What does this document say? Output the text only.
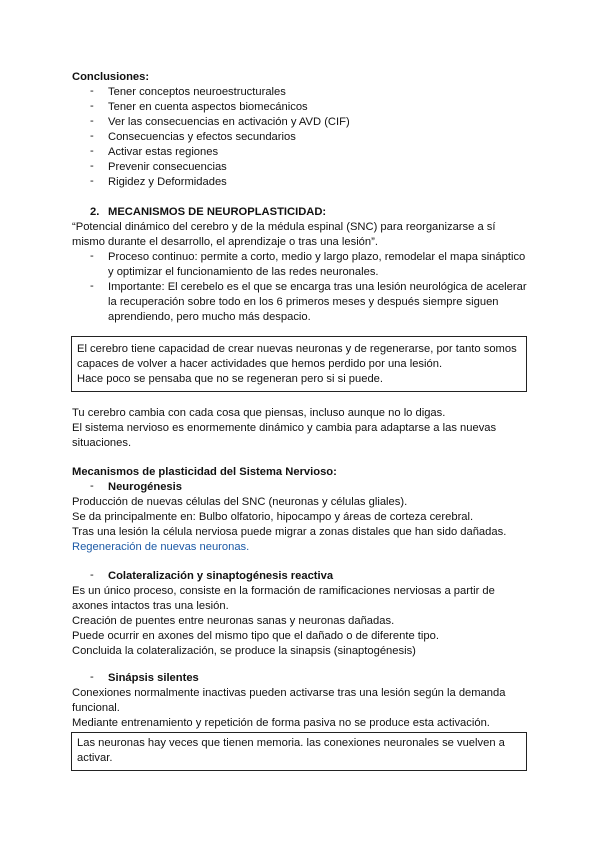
Conclusiones:
- Tener conceptos neuroestructurales
- Tener en cuenta aspectos biomecánicos
- Ver las consecuencias en activación y AVD (CIF)
- Consecuencias y efectos secundarios
- Activar estas regiones
- Prevenir consecuencias
- Rigidez y Deformidades
2. MECANISMOS DE NEUROPLASTICIDAD:
“Potencial dinámico del cerebro y de la médula espinal (SNC) para reorganizarse a sí
mismo durante el desarrollo, el aprendizaje o tras una lesión”.
- Proceso continuo: permite a corto, medio y largo plazo, remodelar el mapa sináptico
y optimizar el funcionamiento de las redes neuronales.
- Importante: El cerebelo es el que se encarga tras una lesión neurológica de acelerar
la recuperación sobre todo en los 6 primeros meses y después siempre siguen
aprendiendo, pero mucho más despacio.
El cerebro tiene capacidad de crear nuevas neuronas y de regenerarse, por tanto somos
capaces de volver a hacer actividades que hemos perdido por una lesión.
Hace poco se pensaba que no se regeneran pero si si puede.
Tu cerebro cambia con cada cosa que piensas, incluso aunque no lo digas.
El sistema nervioso es enormemente dinámico y cambia para adaptarse a las nuevas
situaciones.
Mecanismos de plasticidad del Sistema Nervioso:
- Neurogénesis
Producción de nuevas células del SNC (neuronas y células gliales).
Se da principalmente en: Bulbo olfatorio, hipocampo y áreas de corteza cerebral.
Tras una lesión la célula nerviosa puede migrar a zonas distales que han sido dañadas.
Regeneración de nuevas neuronas.
- Colateralización y sinaptogénesis reactiva
Es un único proceso, consiste en la formación de ramificaciones nerviosas a partir de
axones intactos tras una lesión.
Creación de puentes entre neuronas sanas y neuronas dañadas.
Puede ocurrir en axones del mismo tipo que el dañado o de diferente tipo.
Concluida la colateralización, se produce la sinapsis (sinaptogénesis)
- Sinápsis silentes
Conexiones normalmente inactivas pueden activarse tras una lesión según la demanda
funcional.
Mediante entrenamiento y repetición de forma pasiva no se produce esta activación.
Las neuronas hay veces que tienen memoria. las conexiones neuronales se vuelven a
activar.
